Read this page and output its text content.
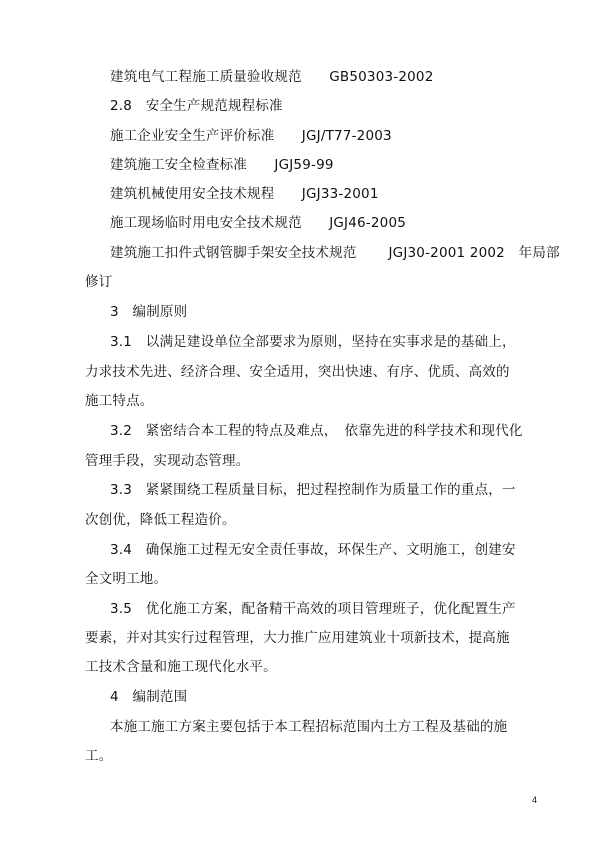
建筑电气工程施工质量验收规范　　GB50303-2002
2.8　安全生产规范规程标准
施工企业安全生产评价标准　　JGJ/T77-2003
建筑施工安全检查标准　　JGJ59-99
建筑机械使用安全技术规程　　JGJ33-2001
施工现场临时用电安全技术规范　　JGJ46-2005
建筑施工扣件式钢管脚手架安全技术规范　　 JGJ30-2001 2002　年局部
修订
3　编制原则
3.1　以满足建设单位全部要求为原则，坚持在实事求是的基础上，
力求技术先进、经济合理、安全适用，突出快速、有序、优质、高效的
施工特点。
3.2　紧密结合本工程的特点及难点，　依靠先进的科学技术和现代化
管理手段，实现动态管理。
3.3　紧紧围绕工程质量目标，把过程控制作为质量工作的重点，一
次创优，降低工程造价。
3.4　确保施工过程无安全责任事故，环保生产、文明施工，创建安
全文明工地。
3.5　优化施工方案，配备精干高效的项目管理班子，优化配置生产
要素，并对其实行过程管理，大力推广应用建筑业十项新技术，提高施
工技术含量和施工现代化水平。
4　编制范围
本施工施工方案主要包括于本工程招标范围内土方工程及基础的施
工。
4
